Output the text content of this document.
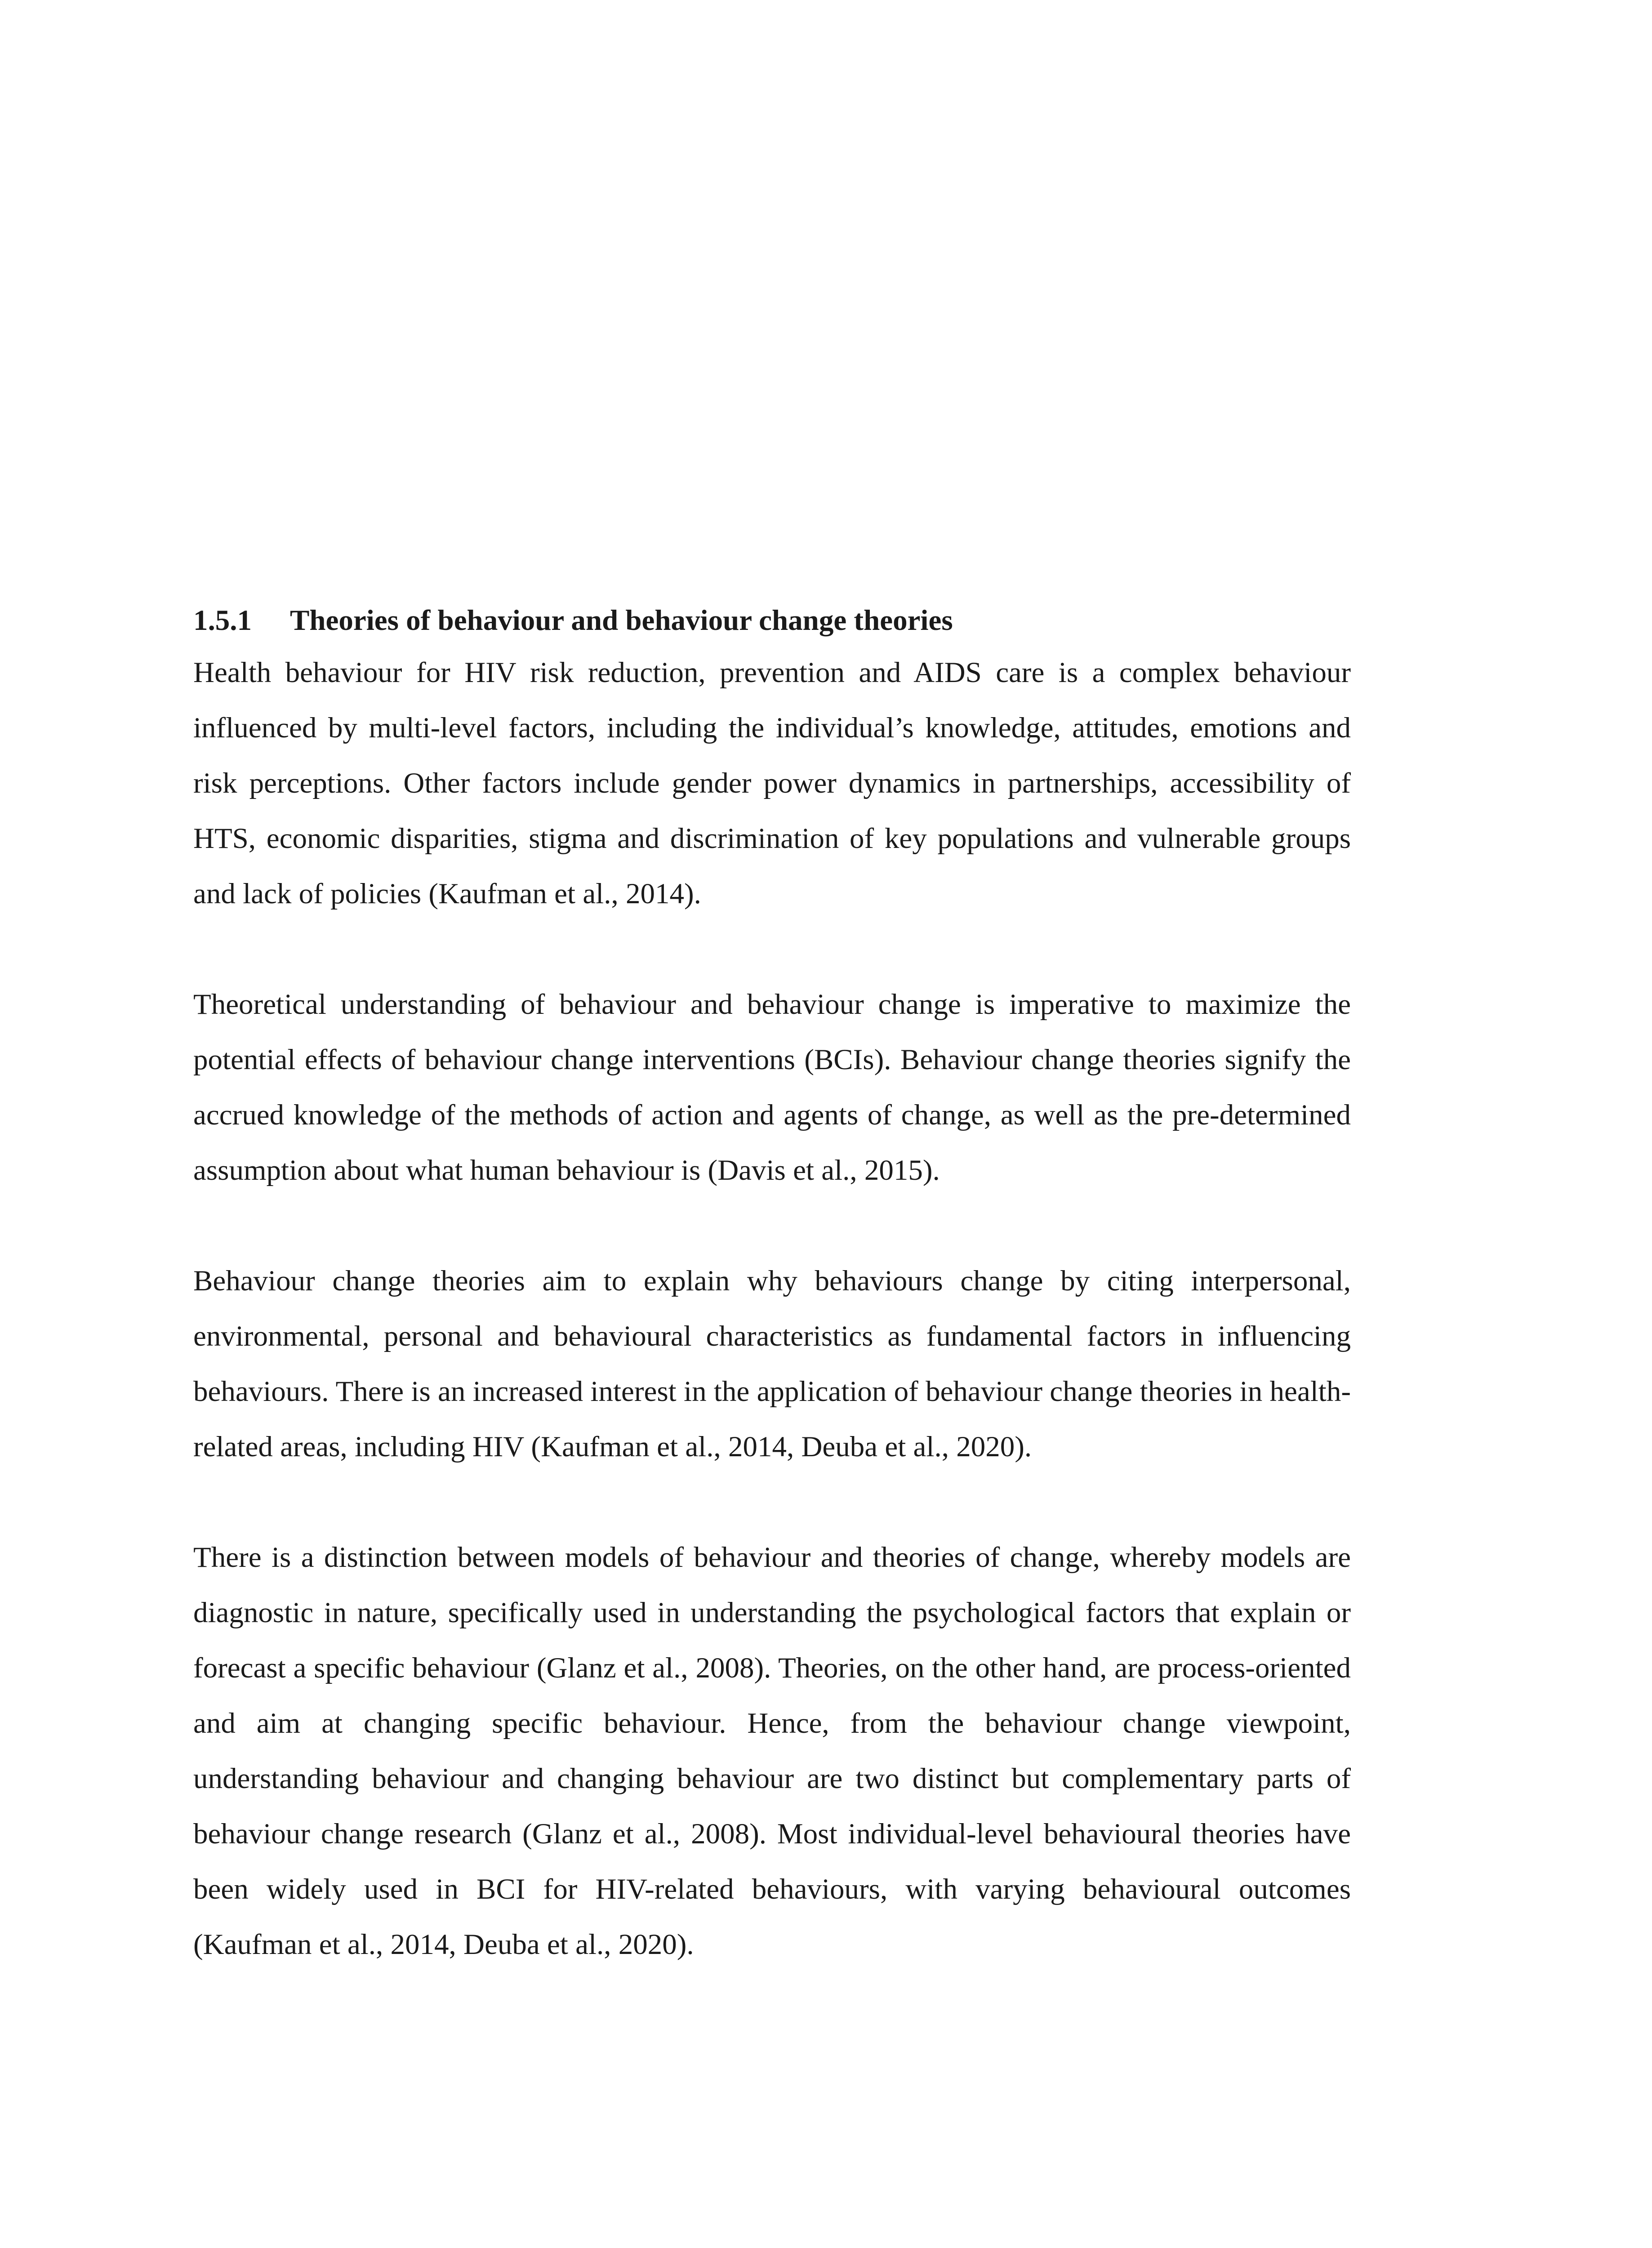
1.5.1	Theories of behaviour and behaviour change theories

Health behaviour for HIV risk reduction, prevention and AIDS care is a complex behaviour influenced by multi-level factors, including the individual’s knowledge, attitudes, emotions and risk perceptions. Other factors include gender power dynamics in partnerships, accessibility of HTS, economic disparities, stigma and discrimination of key populations and vulnerable groups and lack of policies (Kaufman et al., 2014).

Theoretical understanding of behaviour and behaviour change is imperative to maximize the potential effects of behaviour change interventions (BCIs). Behaviour change theories signify the accrued knowledge of the methods of action and agents of change, as well as the pre-determined assumption about what human behaviour is (Davis et al., 2015).

Behaviour change theories aim to explain why behaviours change by citing interpersonal, environmental, personal and behavioural characteristics as fundamental factors in influencing behaviours. There is an increased interest in the application of behaviour change theories in health-related areas, including HIV (Kaufman et al., 2014, Deuba et al., 2020).

There is a distinction between models of behaviour and theories of change, whereby models are diagnostic in nature, specifically used in understanding the psychological factors that explain or forecast a specific behaviour (Glanz et al., 2008). Theories, on the other hand, are process-oriented and aim at changing specific behaviour. Hence, from the behaviour change viewpoint, understanding behaviour and changing behaviour are two distinct but complementary parts of behaviour change research (Glanz et al., 2008). Most individual-level behavioural theories have been widely used in BCI for HIV-related behaviours, with varying behavioural outcomes (Kaufman et al., 2014, Deuba et al., 2020).
